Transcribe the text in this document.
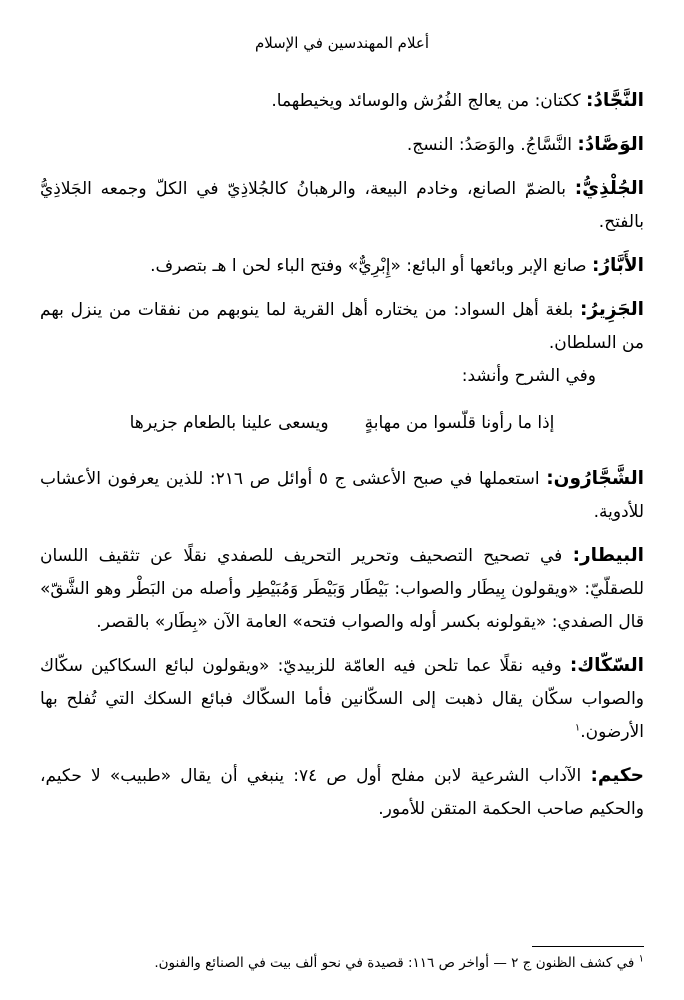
أعلام المهندسين في الإسلام

النَّجَّادُ: ككتان: من يعالج الفُرُش والوسائد ويخيطهما.

الوَصَّادُ: النَّسَّاجُ. والوَصَدُ: النسج.

الجُلْذِيُّ: بالضمّ الصانع، وخادم البيعة، والرهبانُ كالجُلاذِيّ في الكلّ وجمعه الجَلاذِيُّ بالفتح.

الأَبَّارُ: صانع الإبر وبائعها أو البائع: «إِبْرِيٌّ» وفتح الباء لحن ا هـ بتصرف.

الجَزِيرُ: بلغة أهل السواد: من يختاره أهل القرية لما ينوبهم من نفقات من ينزل بهم من السلطان.

وفي الشرح وأنشد:

إذا ما رأونا قلّسوا من مهابةٍ
ويسعى علينا بالطعام جزيرها

الشَّجَّارُون: استعملها في صبح الأعشى ج ٥ أوائل ص ٢١٦: للذين يعرفون الأعشاب للأدوية.

البيطار: في تصحيح التصحيف وتحرير التحريف للصفدي نقلًا عن تثقيف اللسان للصقلّيّ: «ويقولون بِيطَار والصواب: بَيْطَار وَبَيْطَر وَمُبَيْطِر وأصله من البَطْر وهو الشَّقّ» قال الصفدي: «يقولونه بكسر أوله والصواب فتحه» العامة الآن «بِطَار» بالقصر.

السّكّاك: وفيه نقلًا عما تلحن فيه العامّة للزبيديّ: «ويقولون لبائع السكاكين سكّاك والصواب سكّان يقال ذهبت إلى السكّانين فأما السكّاك فبائع السكك التي تُفلح بها الأرضون.$^١$

حكيم: الآداب الشرعية لابن مفلح أول ص ٧٤: ينبغي أن يقال «طبيب» لا حكيم، والحكيم صاحب الحكمة المتقن للأمور.

$^١$ في كشف الظنون ج ٢ — أواخر ص ١١٦: قصيدة في نحو ألف بيت في الصنائع والفنون.
